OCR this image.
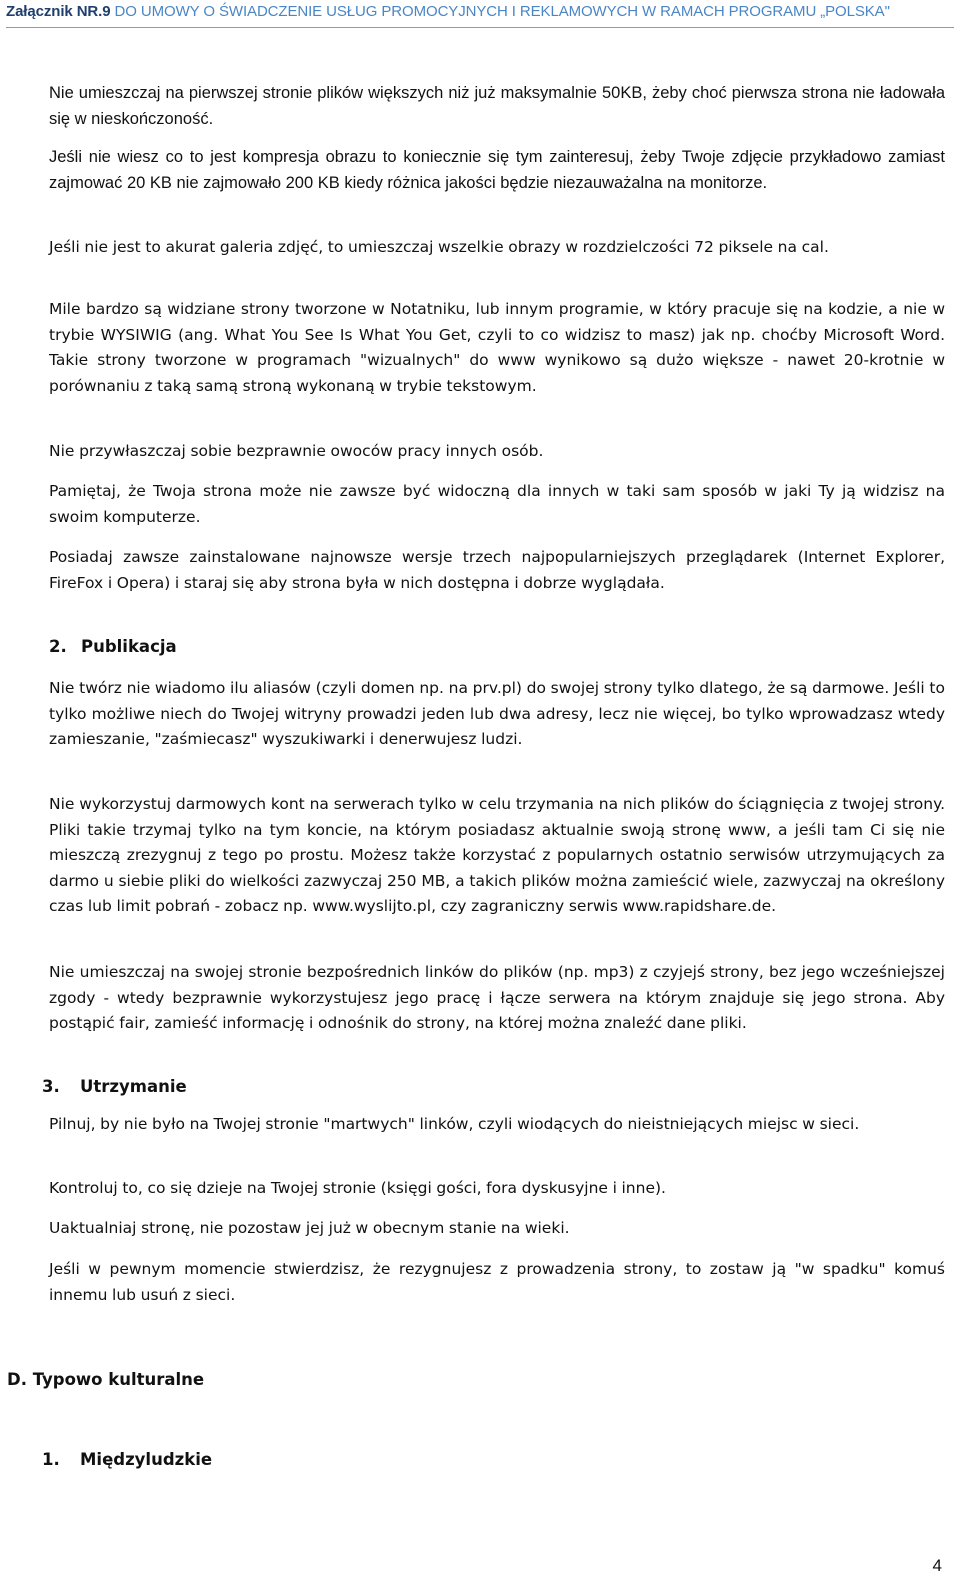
Załącznik NR.9 DO UMOWY O ŚWIADCZENIE USŁUG PROMOCYJNYCH I REKLAMOWYCH W RAMACH PROGRAMU „POLSKA"

Nie umieszczaj na pierwszej stronie plików większych niż już maksymalnie 50KB, żeby choć pierwsza strona nie ładowała się w nieskończoność.

Jeśli nie wiesz co to jest kompresja obrazu to koniecznie się tym zainteresuj, żeby Twoje zdjęcie przykładowo zamiast zajmować 20 KB nie zajmowało 200 KB kiedy różnica jakości będzie niezauważalna na monitorze.

Jeśli nie jest to akurat galeria zdjęć, to umieszczaj wszelkie obrazy w rozdzielczości 72 piksele na cal.

Mile bardzo są widziane strony tworzone w Notatniku, lub innym programie, w który pracuje się na kodzie, a nie w trybie WYSIWIG (ang. What You See Is What You Get, czyli to co widzisz to masz) jak np. choćby Microsoft Word. Takie strony tworzone w programach "wizualnych" do www wynikowo są dużo większe - nawet 20-krotnie w porównaniu z taką samą stroną wykonaną w trybie tekstowym.

Nie przywłaszczaj sobie bezprawnie owoców pracy innych osób.

Pamiętaj, że Twoja strona może nie zawsze być widoczną dla innych w taki sam sposób w jaki Ty ją widzisz na swoim komputerze.

Posiadaj zawsze zainstalowane najnowsze wersje trzech najpopularniejszych przeglądarek (Internet Explorer, FireFox i Opera) i staraj się aby strona była w nich dostępna i dobrze wyglądała.

2. Publikacja

Nie twórz nie wiadomo ilu aliasów (czyli domen np. na prv.pl) do swojej strony tylko dlatego, że są darmowe. Jeśli to tylko możliwe niech do Twojej witryny prowadzi jeden lub dwa adresy, lecz nie więcej, bo tylko wprowadzasz wtedy zamieszanie, "zaśmiecasz" wyszukiwarki i denerwujesz ludzi.

Nie wykorzystuj darmowych kont na serwerach tylko w celu trzymania na nich plików do ściągnięcia z twojej strony. Pliki takie trzymaj tylko na tym koncie, na którym posiadasz aktualnie swoją stronę www, a jeśli tam Ci się nie mieszczą zrezygnuj z tego po prostu. Możesz także korzystać z popularnych ostatnio serwisów utrzymujących za darmo u siebie pliki do wielkości zazwyczaj 250 MB, a takich plików można zamieścić wiele, zazwyczaj na określony czas lub limit pobrań - zobacz np. www.wyslijto.pl, czy zagraniczny serwis www.rapidshare.de.

Nie umieszczaj na swojej stronie bezpośrednich linków do plików (np. mp3) z czyjejś strony, bez jego wcześniejszej zgody - wtedy bezprawnie wykorzystujesz jego pracę i łącze serwera na którym znajduje się jego strona. Aby postąpić fair, zamieść informację i odnośnik do strony, na której można znaleźć dane pliki.

3. Utrzymanie

Pilnuj, by nie było na Twojej stronie "martwych" linków, czyli wiodących do nieistniejących miejsc w sieci.

Kontroluj to, co się dzieje na Twojej stronie (księgi gości, fora dyskusyjne i inne).

Uaktualniaj stronę, nie pozostaw jej już w obecnym stanie na wieki.

Jeśli w pewnym momencie stwierdzisz, że rezygnujesz z prowadzenia strony, to zostaw ją "w spadku" komuś innemu lub usuń z sieci.

D. Typowo kulturalne
1. Międzyludzkie
4
